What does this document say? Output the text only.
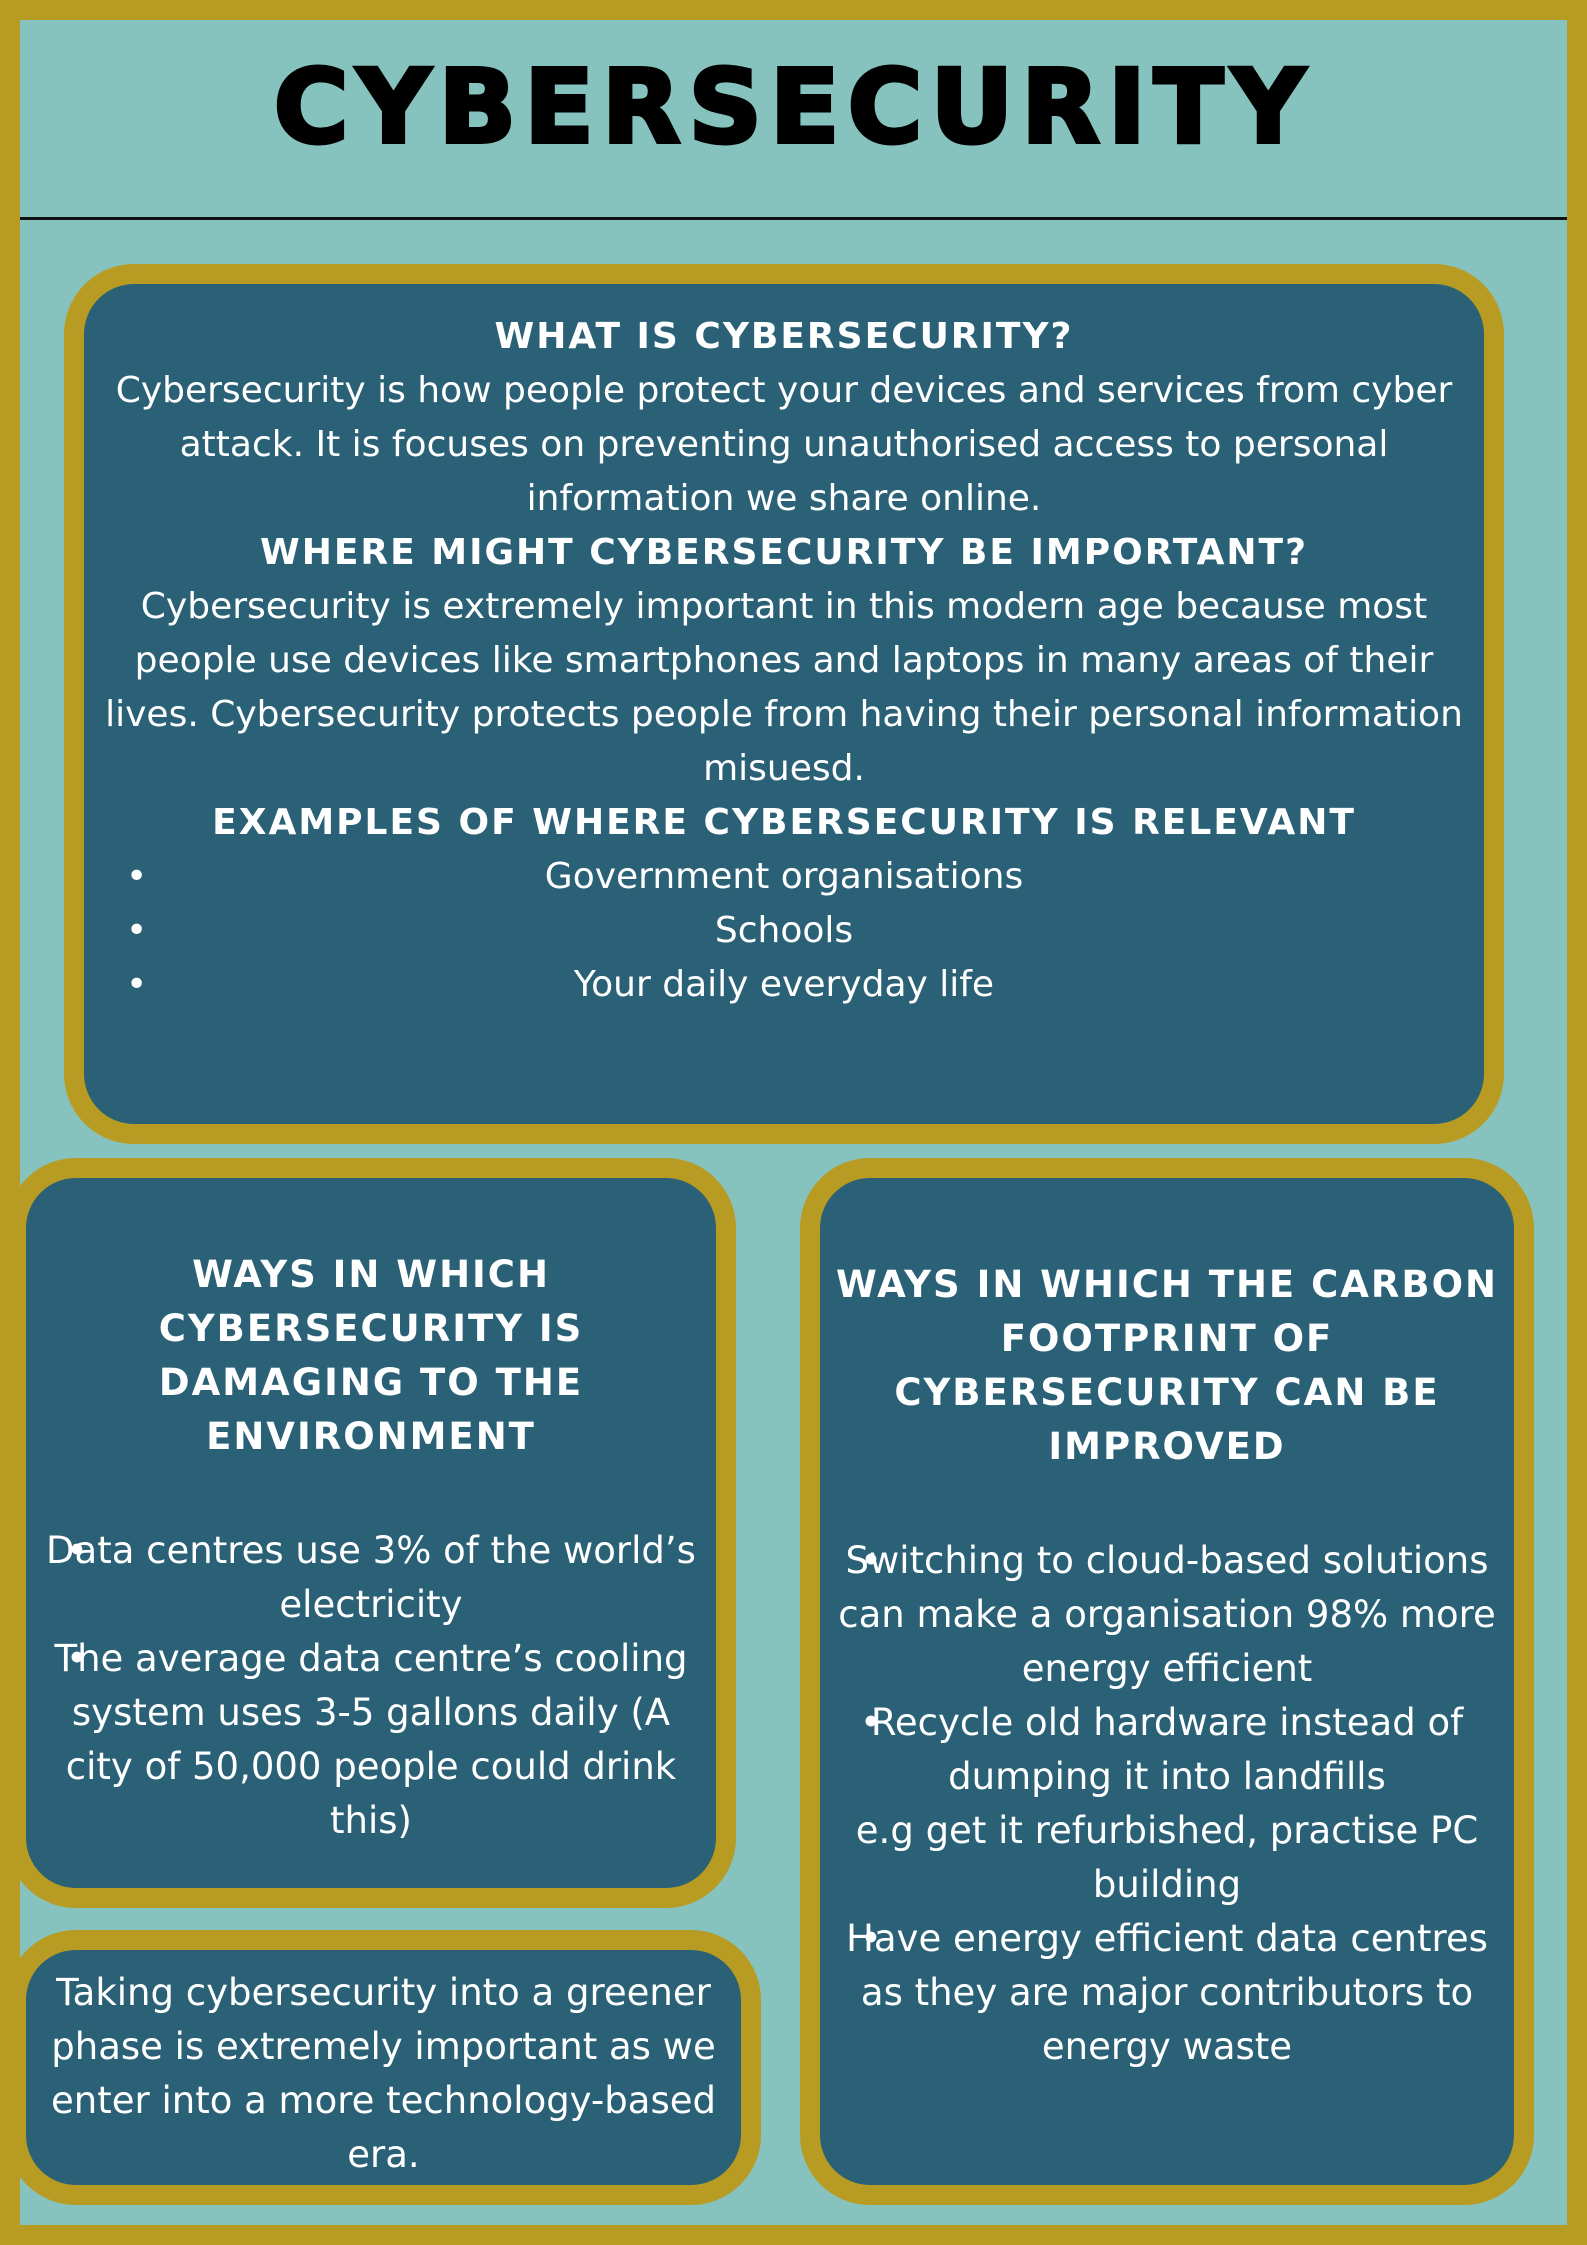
CYBERSECURITY
WHAT IS CYBERSECURITY?

Cybersecurity is how people protect your devices and services from cyber attack. It is focuses on preventing unauthorised access to personal information we share online.

WHERE MIGHT CYBERSECURITY BE IMPORTANT?

Cybersecurity is extremely important in this modern age because most people use devices like smartphones and laptops in many areas of their lives. Cybersecurity protects people from having their personal information misuesd.

EXAMPLES OF WHERE CYBERSECURITY IS RELEVANT
• Government organisations
• Schools
• Your daily everyday life
WAYS IN WHICH CYBERSECURITY IS DAMAGING TO THE ENVIRONMENT
• Data centres use 3% of the world’s electricity
• The average data centre’s cooling system uses 3-5 gallons daily (A city of 50,000 people could drink this)

Taking cybersecurity into a greener phase is extremely important as we enter into a more technology-based era.

WAYS IN WHICH THE CARBON FOOTPRINT OF CYBERSECURITY CAN BE IMPROVED
• Switching to cloud-based solutions can make a organisation 98% more energy efficient
• Recycle old hardware instead of dumping it into landfills
e.g get it refurbished, practise PC building
• Have energy efficient data centres as they are major contributors to energy waste
